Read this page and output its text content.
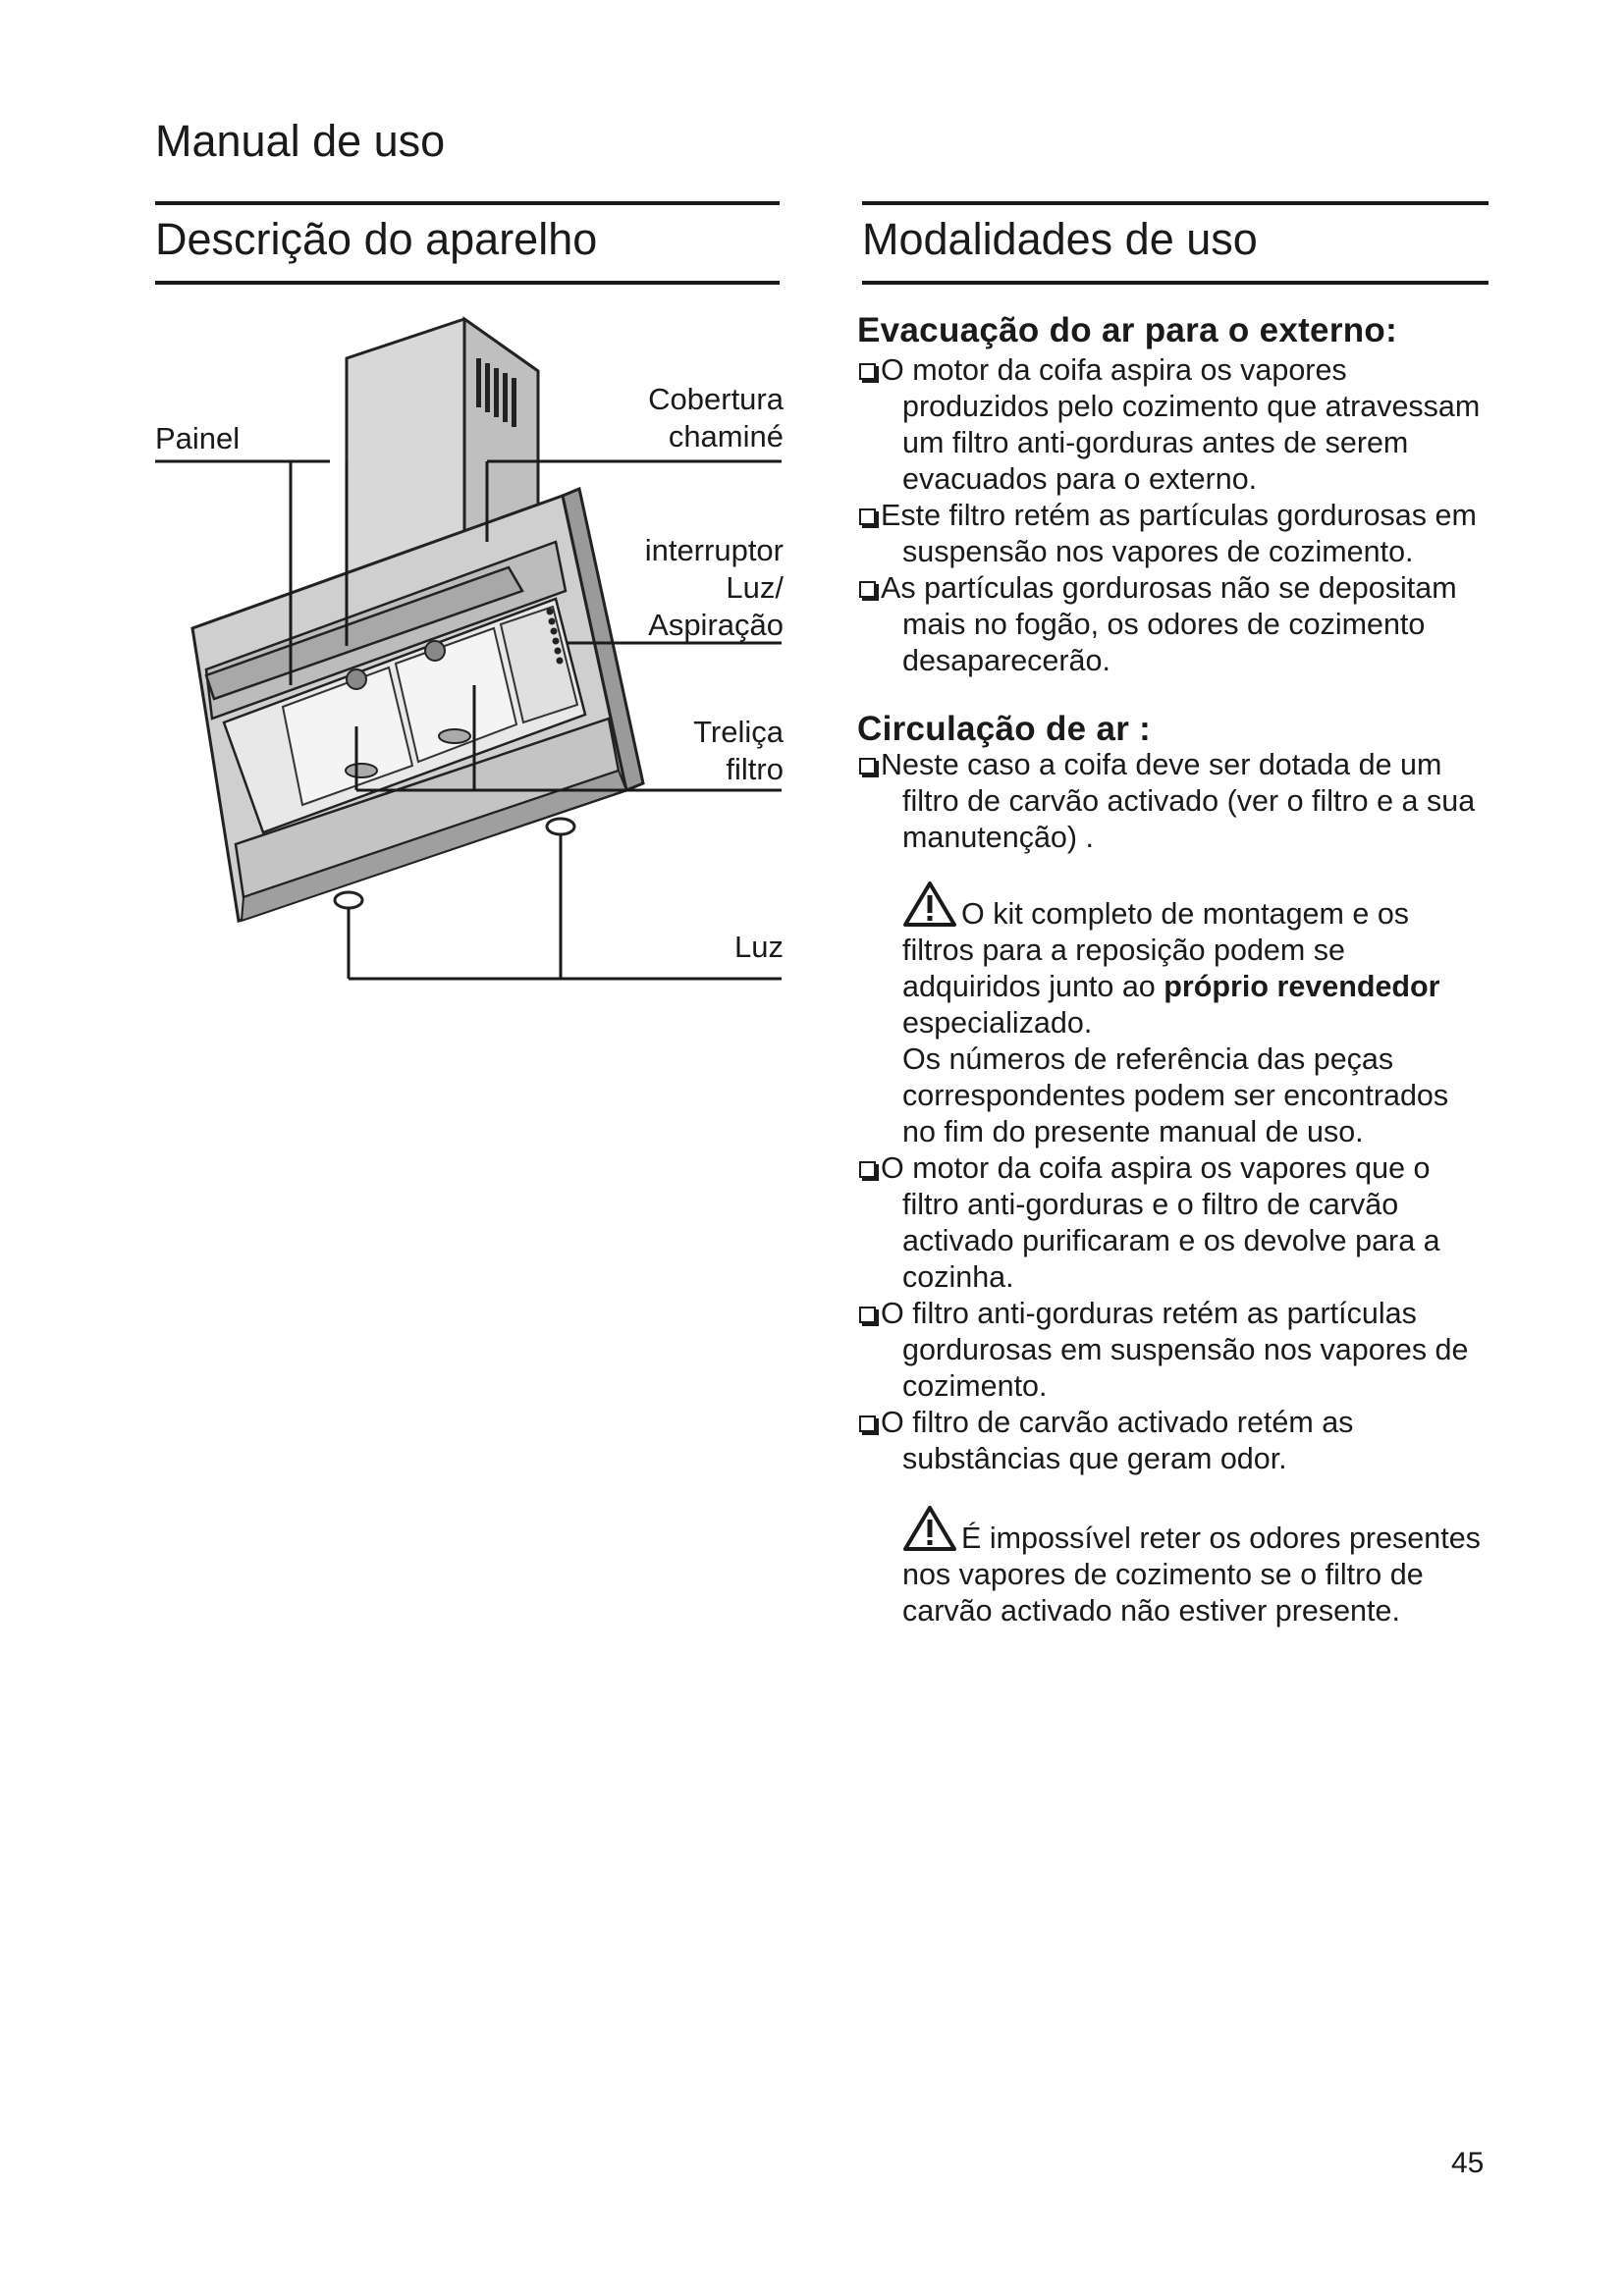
Manual de uso
Descrição do aparelho	Modalidades de uso
Painel
Cobertura
chaminé
interruptor
Luz/
Aspiração
Treliça
filtro
Luz
Evacuação do ar para o externo:
O motor da coifa aspira os vapores produzidos pelo cozimento que atravessam um filtro anti-gorduras antes de serem evacuados para o externo.
Este filtro retém as partículas gordurosas em suspensão nos vapores de cozimento.
As partículas gordurosas não se depositam mais no fogão, os odores de cozimento desaparecerão.
Circulação de ar :
Neste caso a coifa deve ser dotada de um filtro de carvão activado (ver o filtro e a sua manutenção) .
O kit completo de montagem e os filtros para a reposição podem se adquiridos junto ao próprio revendedor especializado.
Os números de referência das peças correspondentes podem ser encontrados no fim do presente manual de uso.
O motor da coifa aspira os vapores que o filtro anti-gorduras e o filtro de carvão activado purificaram e os devolve para a cozinha.
O filtro anti-gorduras retém as partículas gordurosas em suspensão nos vapores de cozimento.
O filtro de carvão activado retém as substâncias que geram odor.
É impossível reter os odores presentes nos vapores de cozimento se o filtro de carvão activado não estiver presente.
45
